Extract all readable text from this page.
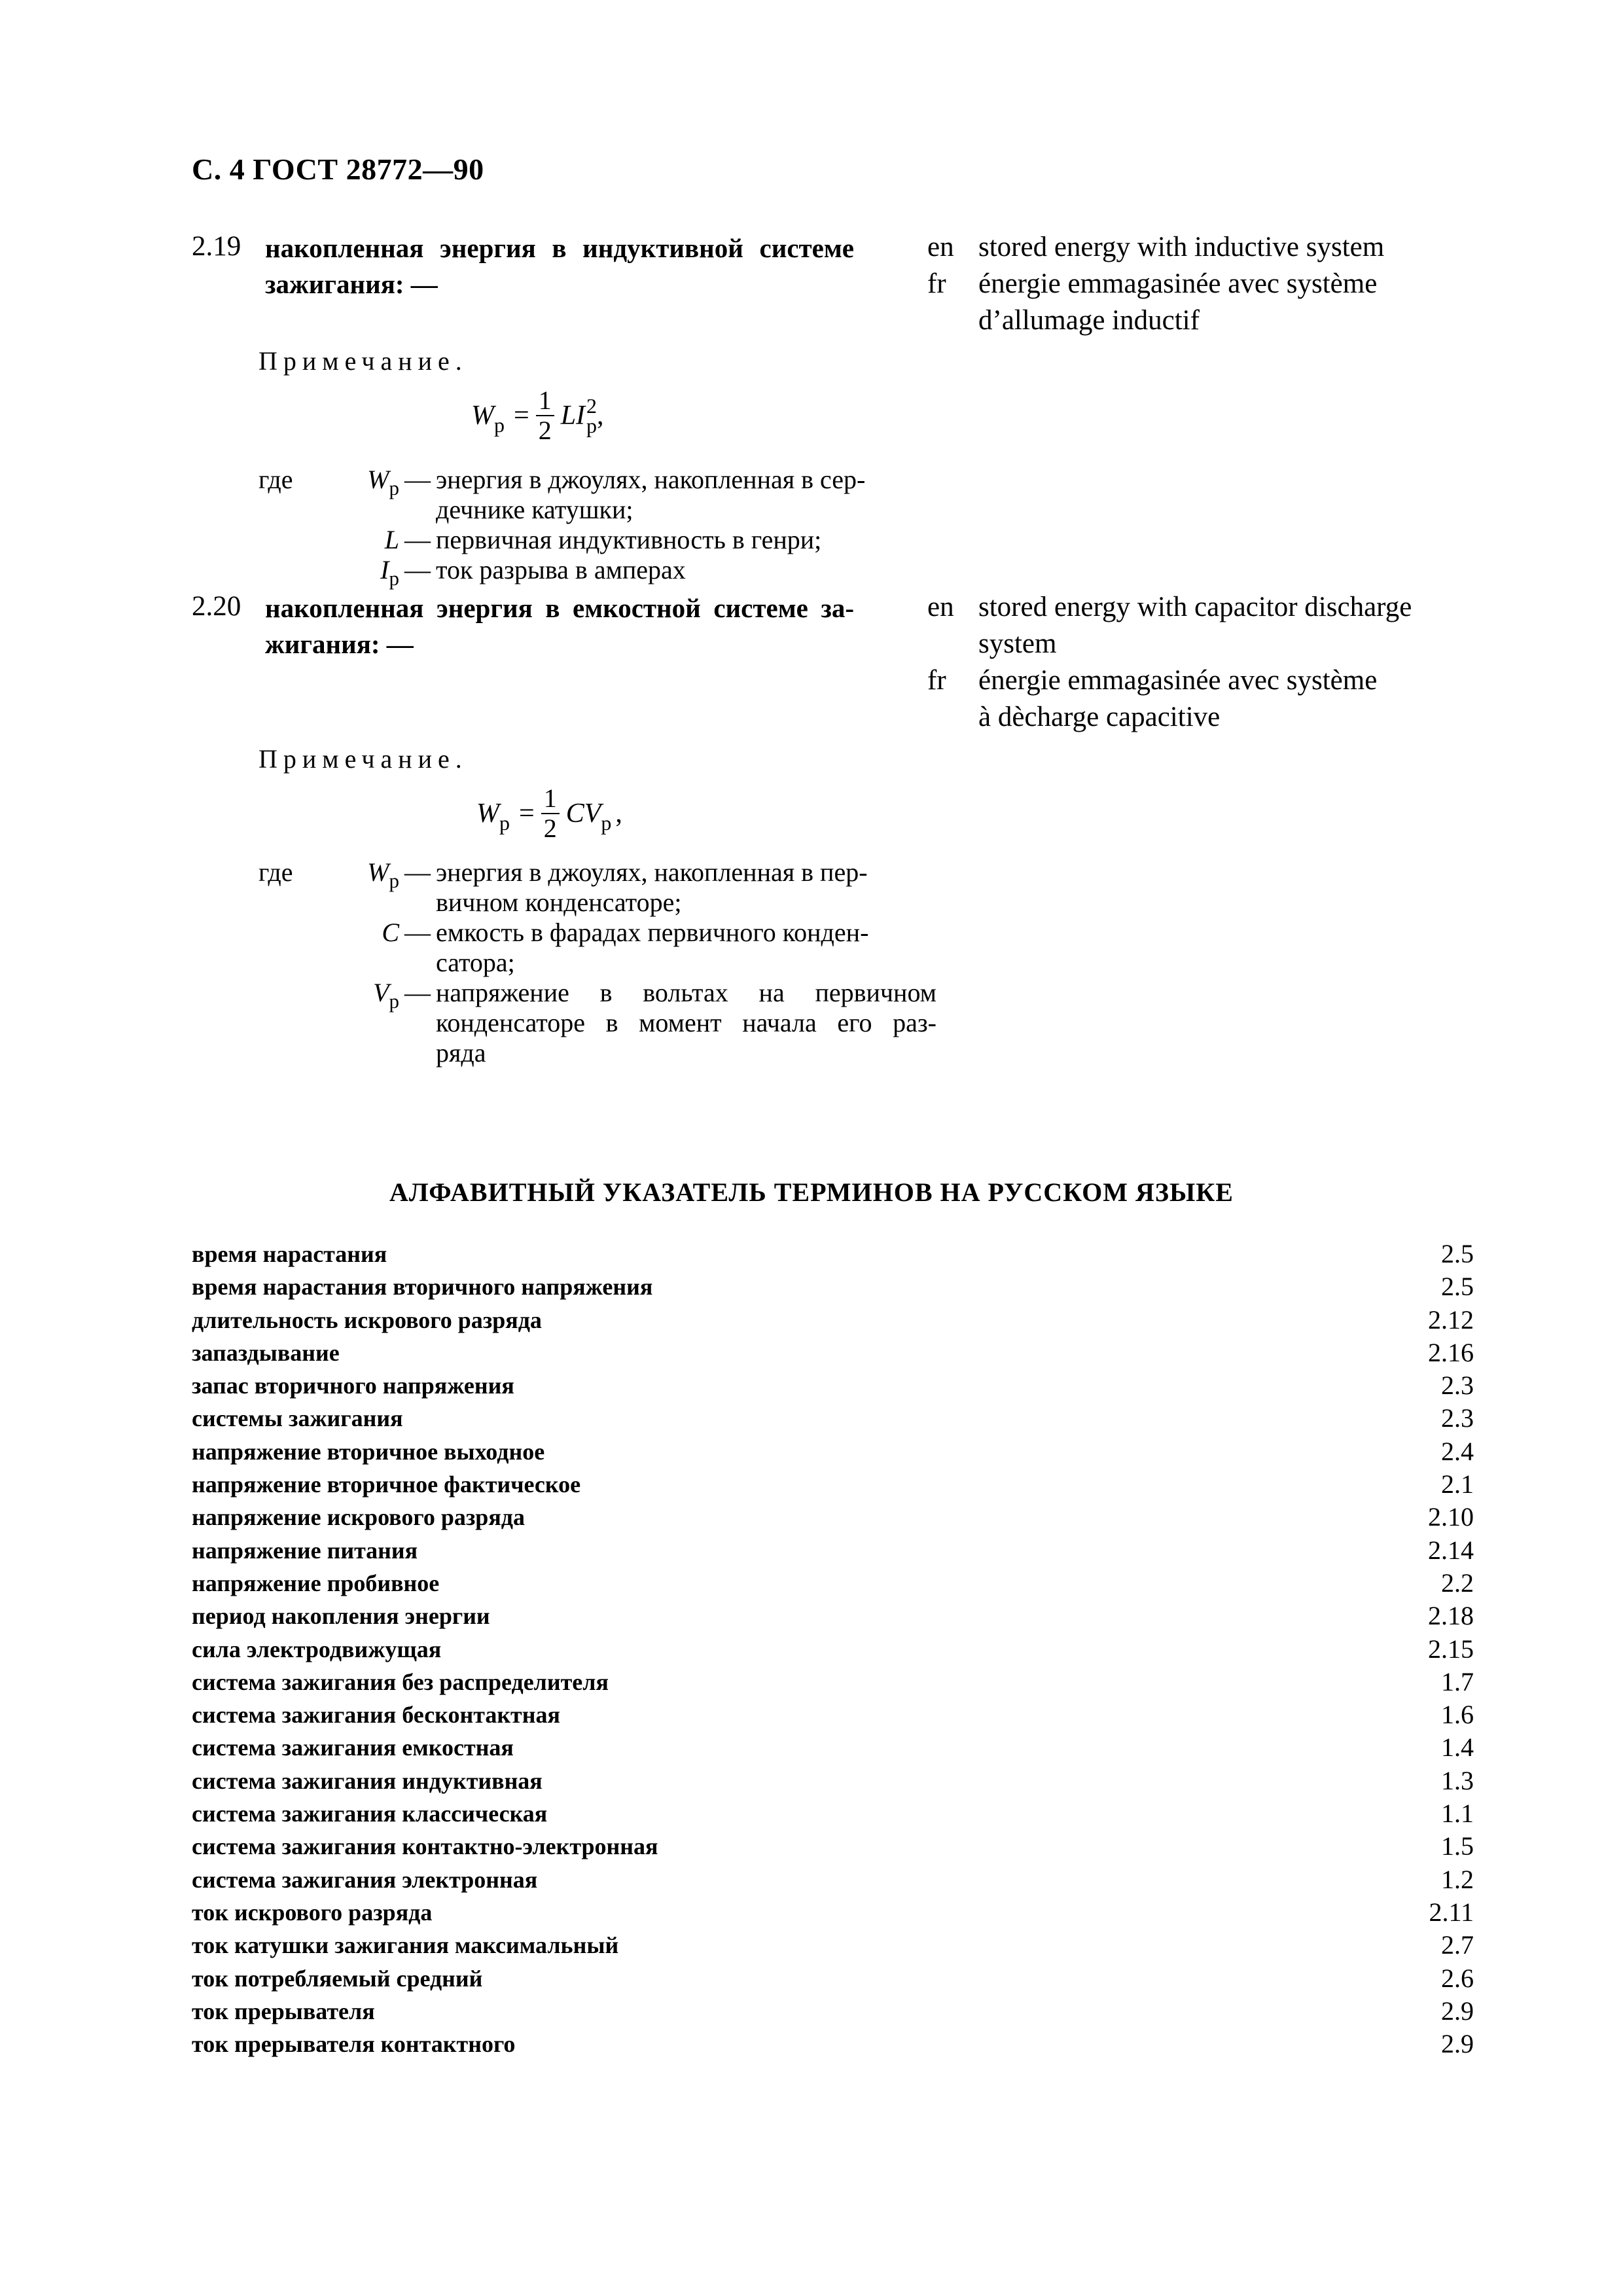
С. 4 ГОСТ 28772—90
2.19 накопленная энергия в индуктивной системе
зажигания: —
Примечание.
W $р = \frac{1}{2}$ LI 2
р ,
где	$W_р$ — энергия в джоулях, накопленная в сер-
дечнике катушки;
L — первичная индуктивность в генри;
$I_р$ — ток разрыва в амперах
en stored energy with inductive system
fr	énergie emmagasinée avec système
d’allumage inductif
2.20 накопленная энергия в емкостной системе за-
жигания: —
Примечание.
W $р = \frac{1}{2}$ CV р ,
где	$W_р$ — энергия в джоулях, накопленная в пер-
вичном конденсаторе;
C — емкость в фарадах первичного конден-
сатора;
$V_р$ — напряжение в вольтах на первичном
конденсаторе в момент начала его раз-
ряда
en stored energy with capacitor discharge
system
fr	énergie emmagasinée avec système
à dècharge capacitive
АЛФАВИТНЫЙ УКАЗАТЕЛЬ ТЕРМИНОВ НА РУССКОМ ЯЗЫКЕ
время нарастания	2.5
время нарастания вторичного напряжения	2.5
длительность искрового разряда	2.12
запаздывание	2.16
запас вторичного напряжения	2.3
системы зажигания	2.3
напряжение вторичное выходное	2.4
напряжение вторичное фактическое	2.1
напряжение искрового разряда	2.10
напряжение питания	2.14
напряжение пробивное	2.2
период накопления энергии	2.18
сила электродвижущая	2.15
система зажигания без распределителя	1.7
система зажигания бесконтактная	1.6
система зажигания емкостная	1.4
система зажигания индуктивная	1.3
система зажигания классическая	1.1
система зажигания контактно-электронная	1.5
система зажигания электронная	1.2
ток искрового разряда	2.11
ток катушки зажигания максимальный	2.7
ток потребляемый средний	2.6
ток прерывателя	2.9
ток прерывателя контактного	2.9
